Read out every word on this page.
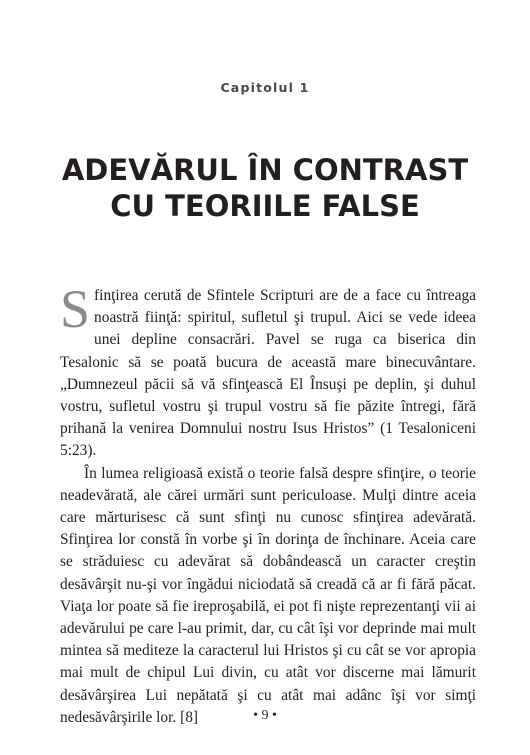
Capitolul 1
ADEVĂRUL ÎN CONTRAST
CU TEORIILE FALSE

Sfinţirea cerută de Sfintele Scripturi are de a face cu întreaga noastră fiinţă: spiritul, sufletul şi trupul. Aici se vede ideea unei depline consacrări. Pavel se ruga ca biserica din Tesalonic să se poată bucura de această mare binecuvântare. „Dumnezeul păcii să vă sfinţească El Însuşi pe deplin, şi duhul vostru, sufletul vostru şi trupul vostru să fie păzite întregi, fără prihană la venirea Domnului nostru Isus Hristos” (1 Tesaloniceni 5:23).

În lumea religioasă există o teorie falsă despre sfinţire, o teorie neadevărată, ale cărei urmări sunt periculoase. Mulţi dintre aceia care mărturisesc că sunt sfinţi nu cunosc sfinţirea adevărată. Sfinţirea lor constă în vorbe şi în dorinţa de închinare. Aceia care se străduiesc cu adevărat să dobândească un caracter creştin desăvârşit nu-şi vor îngădui niciodată să creadă că ar fi fără păcat. Viaţa lor poate să fie ireproşabilă, ei pot fi nişte reprezentanţi vii ai adevărului pe care l-au primit, dar, cu cât îşi vor deprinde mai mult mintea să mediteze la caracterul lui Hristos şi cu cât se vor apropia mai mult de chipul Lui divin, cu atât vor discerne mai lămurit desăvârşirea Lui nepătată şi cu atât mai adânc îşi vor simţi nedesăvârşirile lor. [8]	• 9 •
